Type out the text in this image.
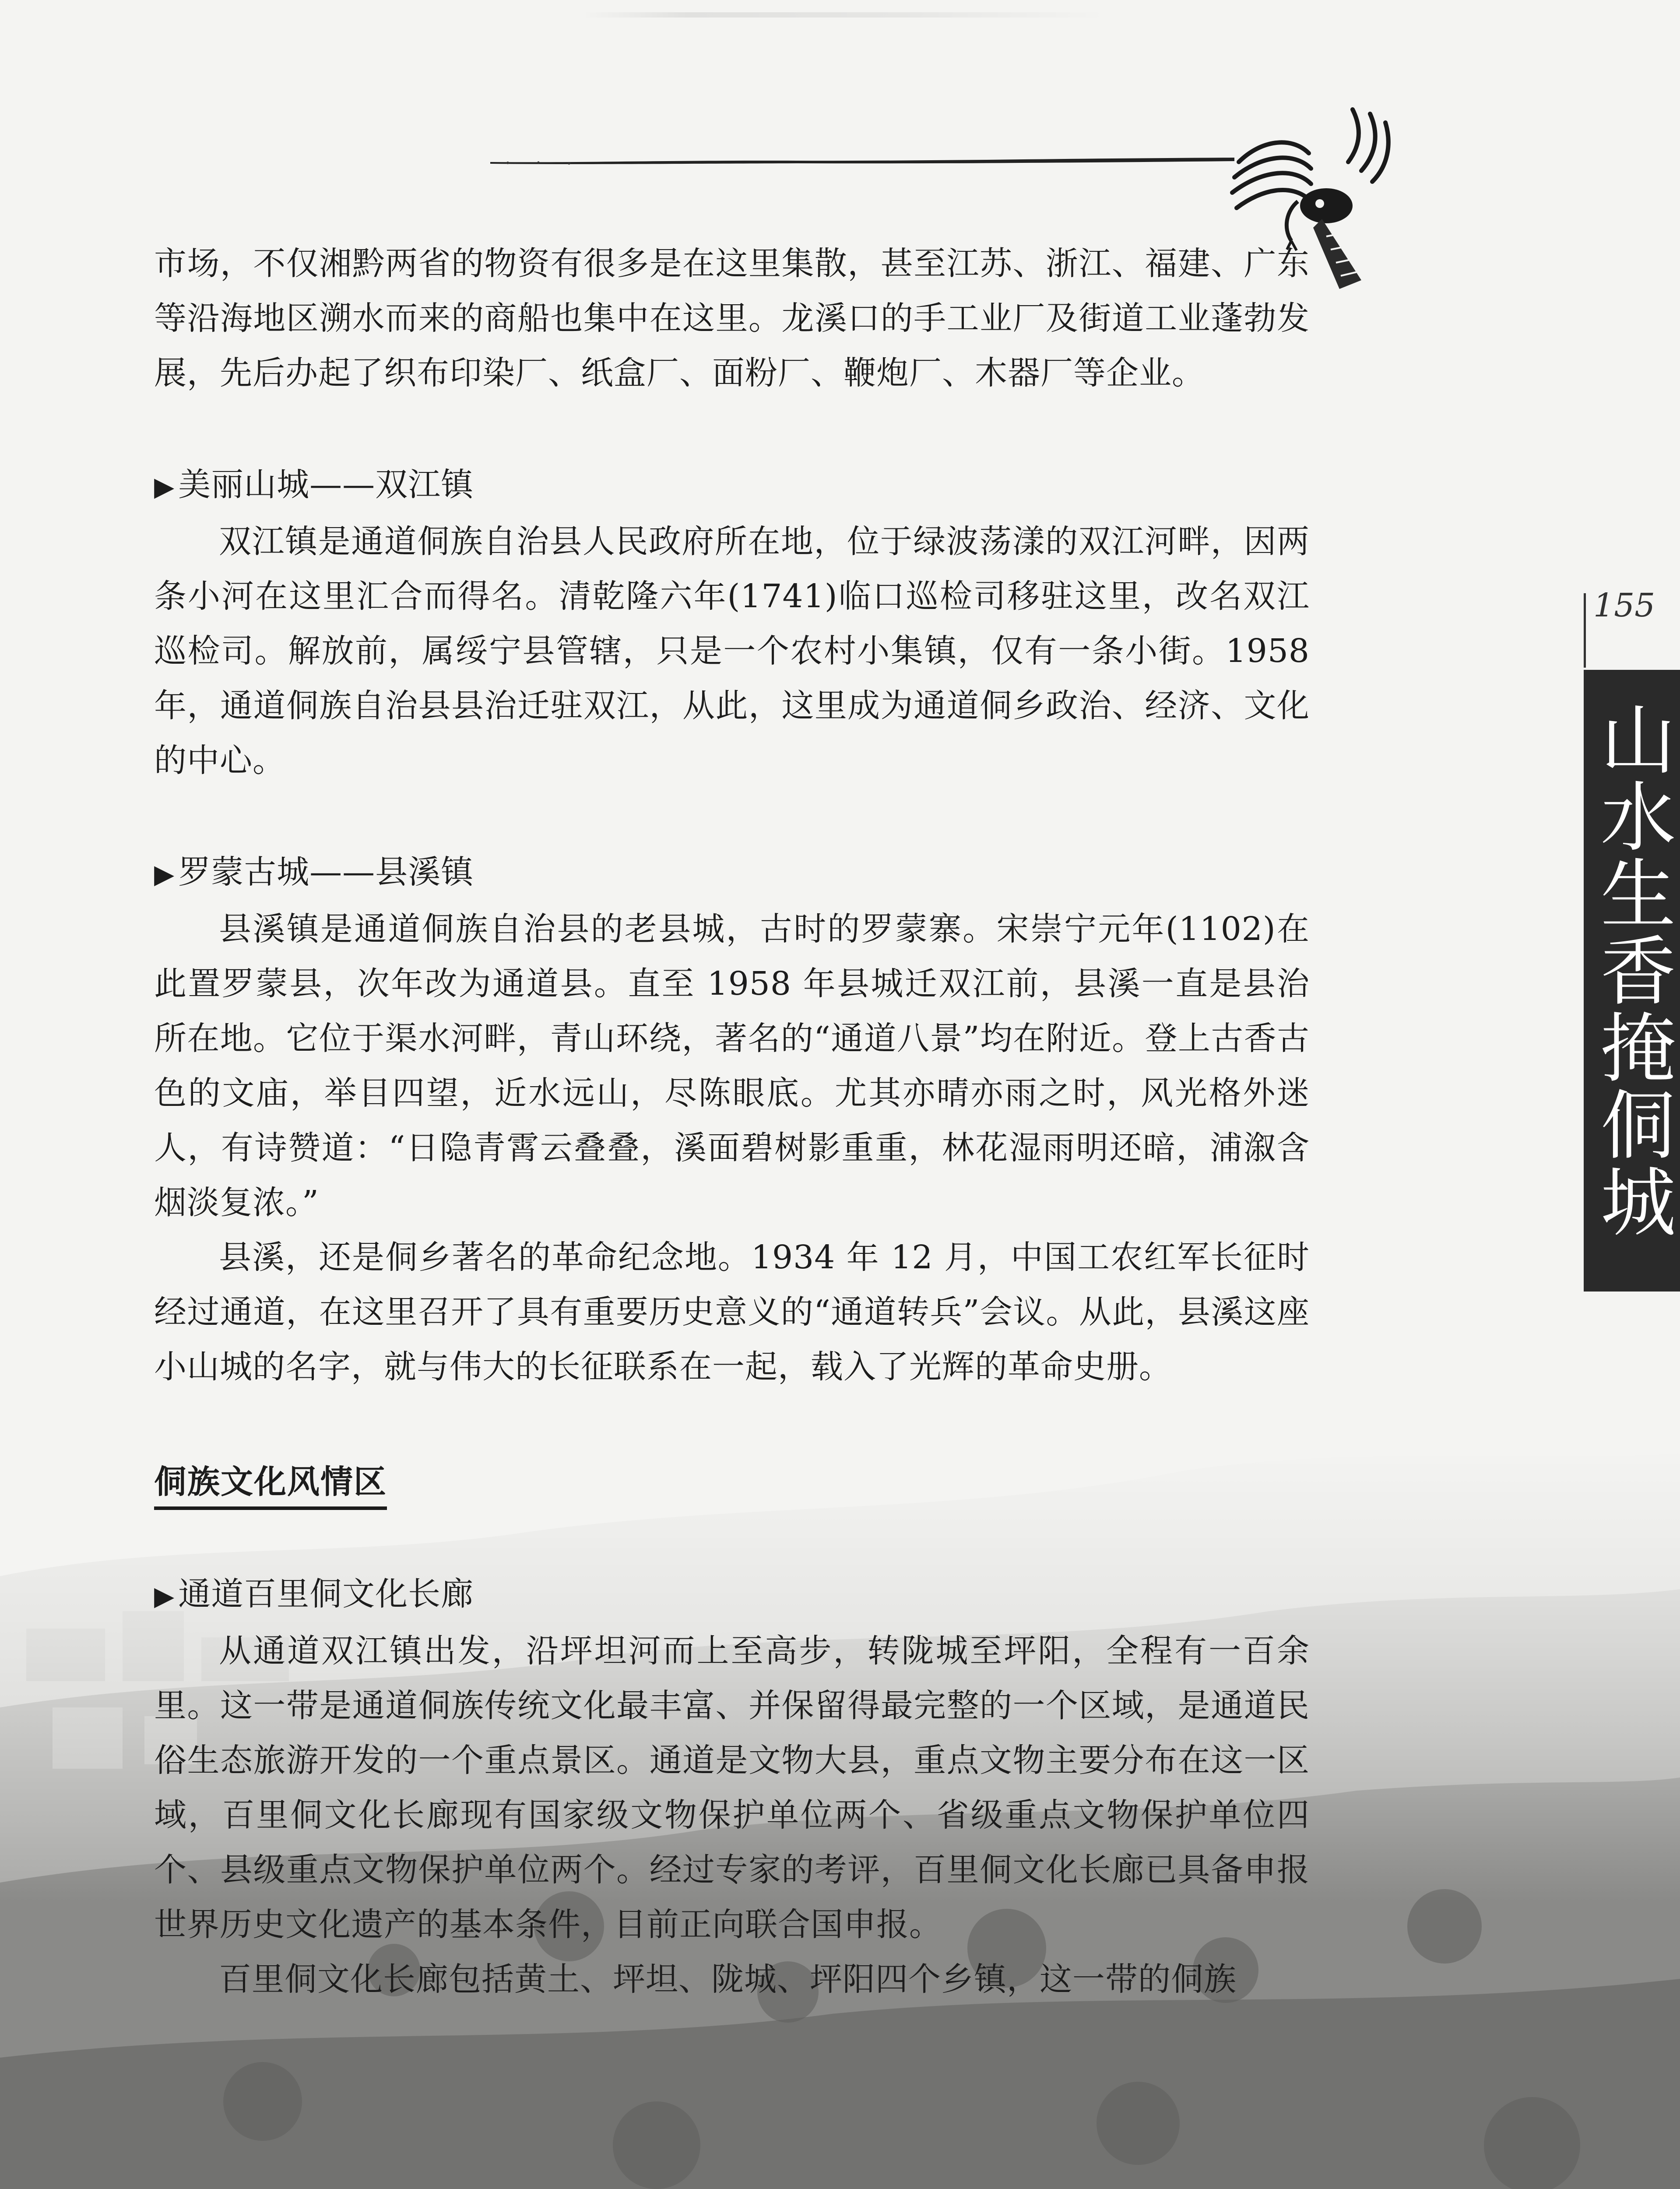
市场，不仅湘黔两省的物资有很多是在这里集散，甚至江苏、浙江、福建、广东等沿海地区溯水而来的商船也集中在这里。龙溪口的手工业厂及街道工业蓬勃发展，先后办起了织布印染厂、纸盒厂、面粉厂、鞭炮厂、木器厂等企业。

▶ 美丽山城——双江镇

双江镇是通道侗族自治县人民政府所在地，位于绿波荡漾的双江河畔，因两条小河在这里汇合而得名。清乾隆六年(1741)临口巡检司移驻这里，改名双江巡检司。解放前，属绥宁县管辖，只是一个农村小集镇，仅有一条小街。1958 年，通道侗族自治县县治迁驻双江，从此，这里成为通道侗乡政治、经济、文化的中心。

▶ 罗蒙古城——县溪镇

县溪镇是通道侗族自治县的老县城，古时的罗蒙寨。宋崇宁元年(1102)在此置罗蒙县，次年改为通道县。直至 1958 年县城迁双江前，县溪一直是县治所在地。它位于渠水河畔，青山环绕，著名的“通道八景”均在附近。登上古香古色的文庙，举目四望，近水远山，尽陈眼底。尤其亦晴亦雨之时，风光格外迷人，有诗赞道：“日隐青霄云叠叠，溪面碧树影重重，林花湿雨明还暗，浦溆含烟淡复浓。”

县溪，还是侗乡著名的革命纪念地。1934 年 12 月，中国工农红军长征时经过通道，在这里召开了具有重要历史意义的“通道转兵”会议。从此，县溪这座小山城的名字，就与伟大的长征联系在一起，载入了光辉的革命史册。

侗族文化风情区
▶ 通道百里侗文化长廊

从通道双江镇出发，沿坪坦河而上至高步，转陇城至坪阳，全程有一百余里。这一带是通道侗族传统文化最丰富、并保留得最完整的一个区域，是通道民俗生态旅游开发的一个重点景区。通道是文物大县，重点文物主要分布在这一区域，百里侗文化长廊现有国家级文物保护单位两个、省级重点文物保护单位四个、县级重点文物保护单位两个。经过专家的考评，百里侗文化长廊已具备申报世界历史文化遗产的基本条件，目前正向联合国申报。

百里侗文化长廊包括黄土、坪坦、陇城、坪阳四个乡镇，这一带的侗族

155
山水生香掩侗城
